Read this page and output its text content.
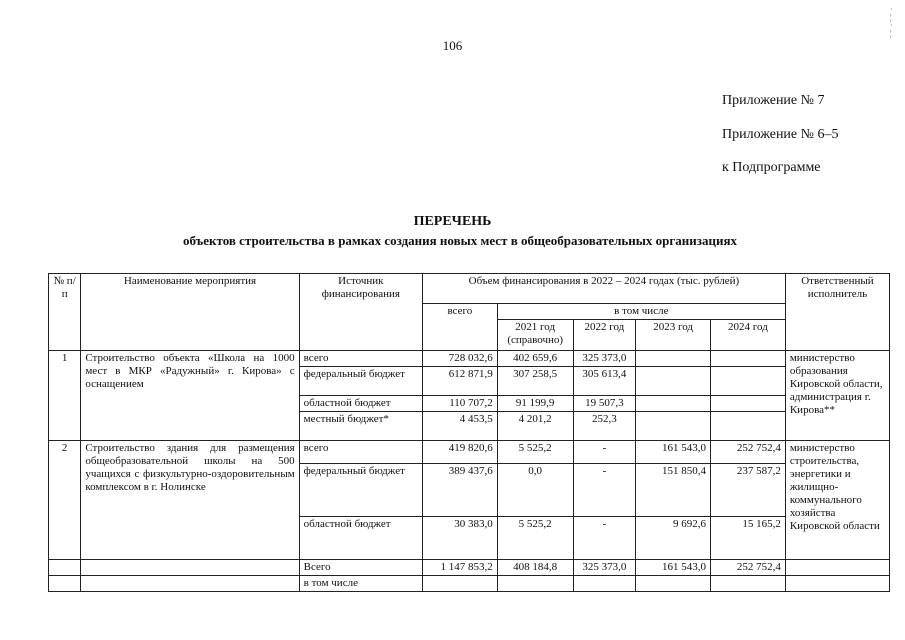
·
¦
·
¦
106
Приложение № 7
Приложение № 6–5
к Подпрограмме
ПЕРЕЧЕНЬ
объектов строительства в рамках создания новых мест в общеобразовательных организациях
№ п/п	Наименование мероприятия	Источник финансирования	Объем финансирования в 2022 – 2024 годах (тыс. рублей)					Ответственный исполнитель
			всего	в том числе				
				2021 год (справочно)	2022 год	2023 год	2024 год	
1	Строительство объекта «Школа на 1000 мест в МКР «Радужный» г. Кирова» с оснащением	всего	728 032,6	402 659,6	325 373,0			министерство образования Кировской области, администрация г. Кирова**
		федеральный бюджет	612 871,9	307 258,5	305 613,4			
		областной бюджет	110 707,2	91 199,9	19 507,3			
		местный бюджет*	4 453,5	4 201,2	252,3			
2	Строительство здания для размещения общеобразовательной школы на 500 учащихся с физкультурно-оздоровительным комплексом в г. Нолинске	всего	419 820,6	5 525,2	-	161 543,0	252 752,4	министерство строительства, энергетики и жилищно-коммунального хозяйства Кировской области
		федеральный бюджет	389 437,6	0,0	-	151 850,4	237 587,2	
		областной бюджет	30 383,0	5 525,2	-	9 692,6	15 165,2	
		Всего	1 147 853,2	408 184,8	325 373,0	161 543,0	252 752,4	
		в том числе						
